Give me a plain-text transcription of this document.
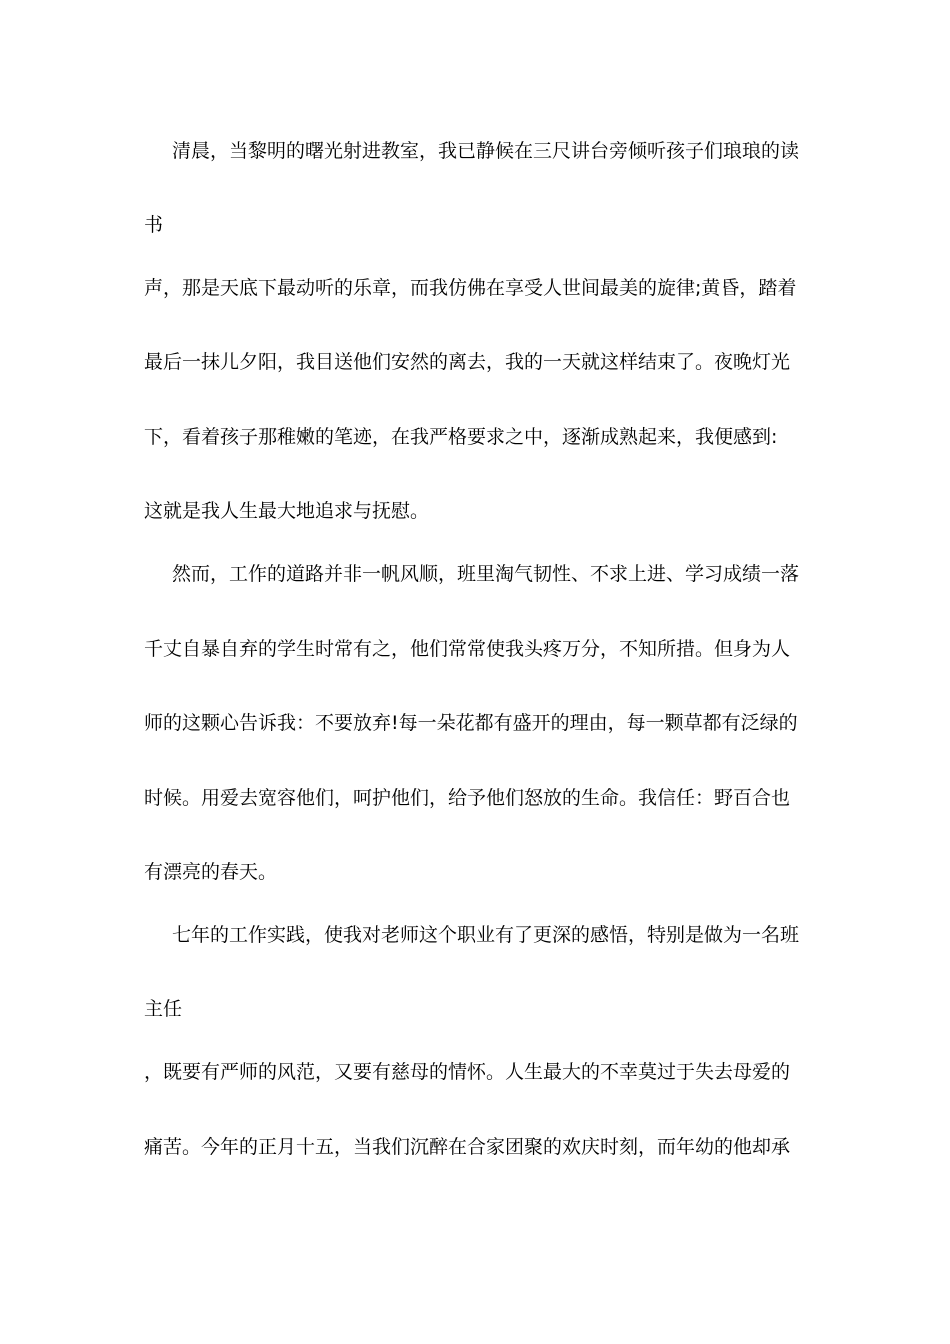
清晨，当黎明的曙光射进教室，我已静候在三尺讲台旁倾听孩子们琅琅的读
书
声，那是天底下最动听的乐章，而我仿佛在享受人世间最美的旋律;黄昏，踏着
最后一抹儿夕阳，我目送他们安然的离去，我的一天就这样结束了。夜晚灯光
下，看着孩子那稚嫩的笔迹，在我严格要求之中，逐渐成熟起来，我便感到:
这就是我人生最大地追求与抚慰。
然而，工作的道路并非一帆风顺，班里淘气韧性、不求上进、学习成绩一落
千丈自暴自弃的学生时常有之，他们常常使我头疼万分，不知所措。但身为人
师的这颗心告诉我：不要放弃!每一朵花都有盛开的理由，每一颗草都有泛绿的
时候。用爱去宽容他们，呵护他们，给予他们怒放的生命。我信任：野百合也
有漂亮的春天。
七年的工作实践，使我对老师这个职业有了更深的感悟，特别是做为一名班
主任
，既要有严师的风范，又要有慈母的情怀。人生最大的不幸莫过于失去母爱的
痛苦。今年的正月十五，当我们沉醉在合家团聚的欢庆时刻，而年幼的他却承
